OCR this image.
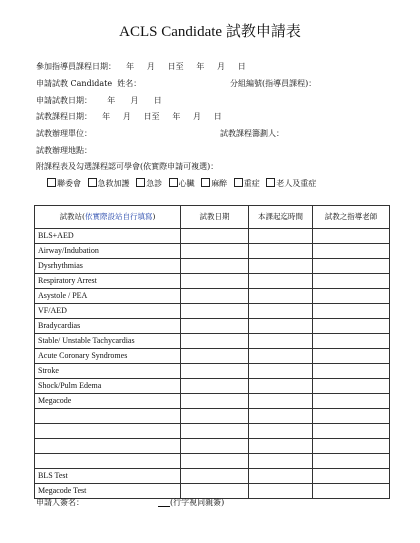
ACLS Candidate 試教申請表
參加指導員課程日期：    年     月     日至     年     月     日
申請試教 Candidate  姓名：	分組編號(指導員課程)：
申請試教日期：      年      月      日
試教課程日期：    年     月     日至     年     月     日
試教辦理單位：	試教課程籌劃人：
試教辦理地點：
附課程表及勾選課程認可學會(依實際申請可複選)：
聯委會 急救加護 急診 心臟 麻醉 重症 老人及重症
試教站(依實際設站自行填寫)	試教日期	本課起迄時間	試教之指導老師
BLS+AED			
Airway/Indubation			
Dysrhythmias			
Respiratory Arrest			
Asystole / PEA			
VF/AED			
Bradycardias			
Stable/ Unstable Tachycardias			
Acute Coronary Syndromes			
Stroke			
Shock/Pulm Edema			
Megacode			

BLS Test			
Megacode Test			
申請人簽名：	___(行字視同親簽)
